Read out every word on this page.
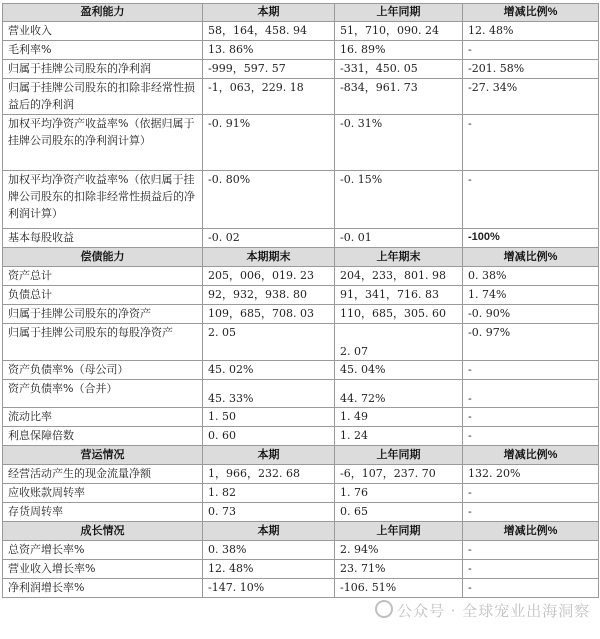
盈利能力	本期	上年同期	增减比例%
营业收入	58，164，458. 94	51，710，090. 24	12. 48%
毛利率%	13. 86%	16. 89%	-
归属于挂牌公司股东的净利润	-999，597. 57	-331，450. 05	-201. 58%
归属于挂牌公司股东的扣除非经常性损益后的净利润	-1，063，229. 18	-834，961. 73	-27. 34%
加权平均净资产收益率%（依据归属于挂牌公司股东的净利润计算）	-0. 91%	-0. 31%	-
加权平均净资产收益率%（依归属于挂牌公司股东的扣除非经常性损益后的净利润计算）	-0. 80%	-0. 15%	-
基本每股收益	-0. 02	-0. 01	-100%
偿债能力	本期期末	上年期末	增减比例%
资产总计	205，006，019. 23	204，233，801. 98	0. 38%
负债总计	92，932，938. 80	91，341，716. 83	1. 74%
归属于挂牌公司股东的净资产	109，685，708. 03	110，685，305. 60	-0. 90%
归属于挂牌公司股东的每股净资产	2. 05	2. 07	-0. 97%
资产负债率%（母公司）	45. 02%	45. 04%	-
资产负债率%（合并）	45. 33%	44. 72%	-
流动比率	1. 50	1. 49	-
利息保障倍数	0. 60	1. 24	-
营运情况	本期	上年同期	增减比例%
经营活动产生的现金流量净额	1，966，232. 68	-6，107，237. 70	132. 20%
应收账款周转率	1. 82	1. 76	-
存货周转率	0. 73	0. 65	-
成长情况	本期	上年同期	增减比例%
总资产增长率%	0. 38%	2. 94%	-
营业收入增长率%	12. 48%	23. 71%	-
净利润增长率%	-147. 10%	-106. 51%	-
公众号 · 全球宠业出海洞察
